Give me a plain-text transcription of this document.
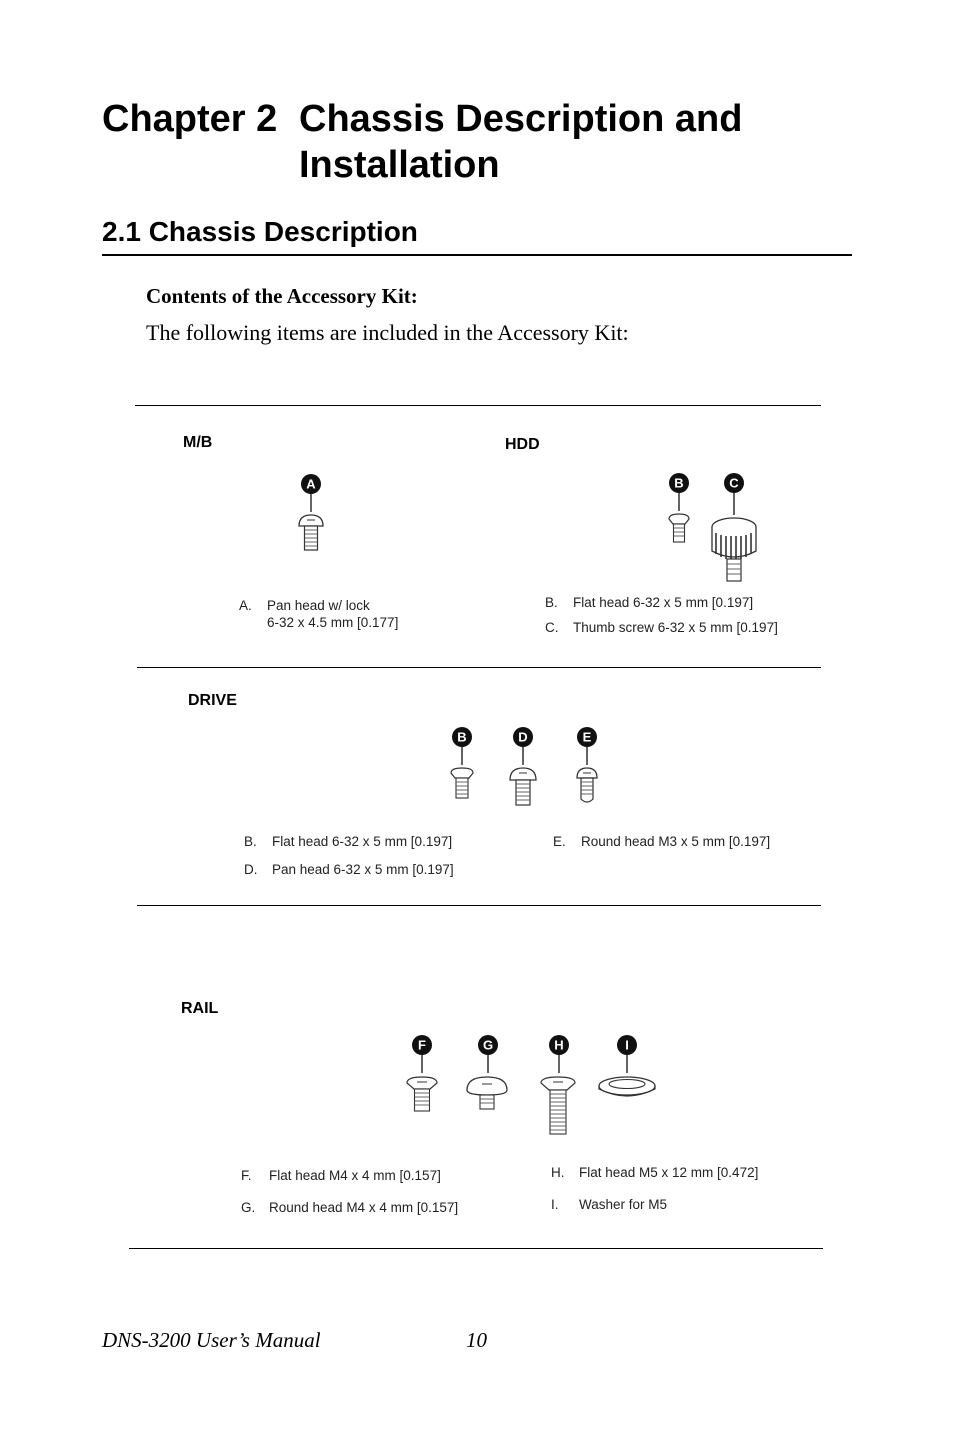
Chapter 2 Chassis Description and
Installation
2.1 Chassis Description
Contents of the Accessory Kit:
The following items are included in the Accessory Kit:
M/B
A
A. Pan head w/ lock
6-32 x 4.5 mm [0.177]
HDD
B	C
B. Flat head 6-32 x 5 mm [0.197]
C. Thumb screw 6-32 x 5 mm [0.197]
DRIVE
B	D	E
B. Flat head 6-32 x 5 mm [0.197]
D. Pan head 6-32 x 5 mm [0.197]
E. Round head M3 x 5 mm [0.197]
RAIL
F	G	H	I
F. Flat head M4 x 4 mm [0.157]
G. Round head M4 x 4 mm [0.157]
H. Flat head M5 x 12 mm [0.472]
I. Washer for M5
DNS-3200 User’s Manual	10
